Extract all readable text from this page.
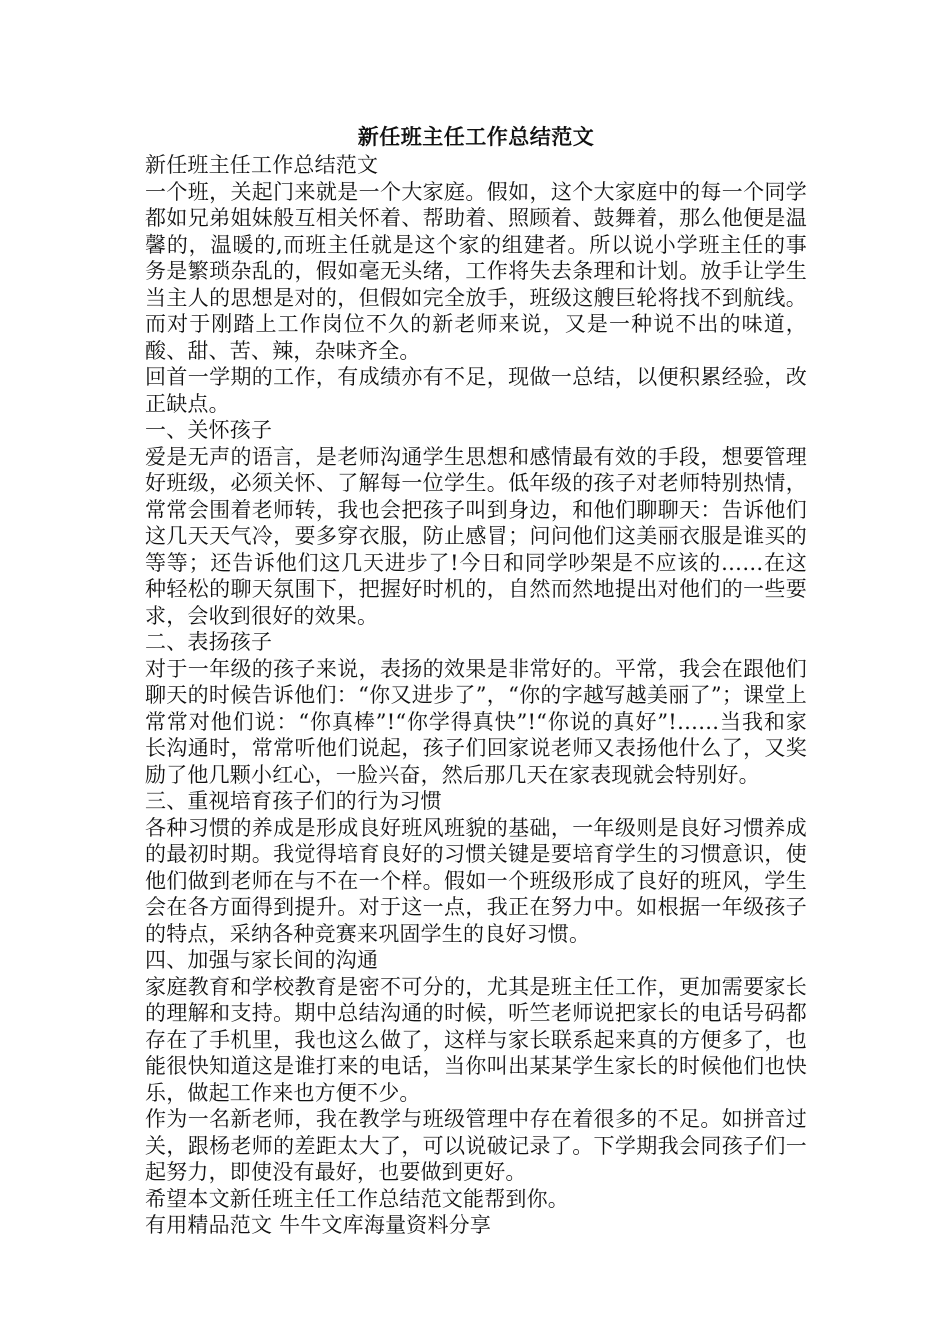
新任班主任工作总结范文

新任班主任工作总结范文

一个班，关起门来就是一个大家庭。假如，这个大家庭中的每一个同学都如兄弟姐妹般互相关怀着、帮助着、照顾着、鼓舞着，那么他便是温馨的，温暖的,而班主任就是这个家的组建者。所以说小学班主任的事务是繁琐杂乱的，假如毫无头绪，工作将失去条理和计划。放手让学生当主人的思想是对的，但假如完全放手，班级这艘巨轮将找不到航线。而对于刚踏上工作岗位不久的新老师来说，又是一种说不出的味道，酸、甜、苦、辣，杂味齐全。

回首一学期的工作，有成绩亦有不足，现做一总结，以便积累经验，改正缺点。

一、关怀孩子

爱是无声的语言，是老师沟通学生思想和感情最有效的手段，想要管理好班级，必须关怀、了解每一位学生。低年级的孩子对老师特别热情，常常会围着老师转，我也会把孩子叫到身边，和他们聊聊天：告诉他们这几天天气冷，要多穿衣服，防止感冒；问问他们这美丽衣服是谁买的等等；还告诉他们这几天进步了!今日和同学吵架是不应该的……在这种轻松的聊天氛围下，把握好时机的，自然而然地提出对他们的一些要求，会收到很好的效果。

二、表扬孩子

对于一年级的孩子来说，表扬的效果是非常好的。平常，我会在跟他们聊天的时候告诉他们：“你又进步了”，“你的字越写越美丽了”；课堂上常常对他们说：“你真棒”!“你学得真快”!“你说的真好”!……当我和家长沟通时，常常听他们说起，孩子们回家说老师又表扬他什么了，又奖励了他几颗小红心，一脸兴奋，然后那几天在家表现就会特别好。

三、重视培育孩子们的行为习惯

各种习惯的养成是形成良好班风班貌的基础，一年级则是良好习惯养成的最初时期。我觉得培育良好的习惯关键是要培育学生的习惯意识，使他们做到老师在与不在一个样。假如一个班级形成了良好的班风，学生会在各方面得到提升。对于这一点，我正在努力中。如根据一年级孩子的特点，采纳各种竞赛来巩固学生的良好习惯。

四、加强与家长间的沟通

家庭教育和学校教育是密不可分的，尤其是班主任工作，更加需要家长的理解和支持。期中总结沟通的时候，听竺老师说把家长的电话号码都存在了手机里，我也这么做了，这样与家长联系起来真的方便多了，也能很快知道这是谁打来的电话，当你叫出某某学生家长的时候他们也快乐，做起工作来也方便不少。

作为一名新老师，我在教学与班级管理中存在着很多的不足。如拼音过关，跟杨老师的差距太大了，可以说破记录了。下学期我会同孩子们一起努力，即使没有最好，也要做到更好。

希望本文新任班主任工作总结范文能帮到你。

有用精品范文 牛牛文库海量资料分享
